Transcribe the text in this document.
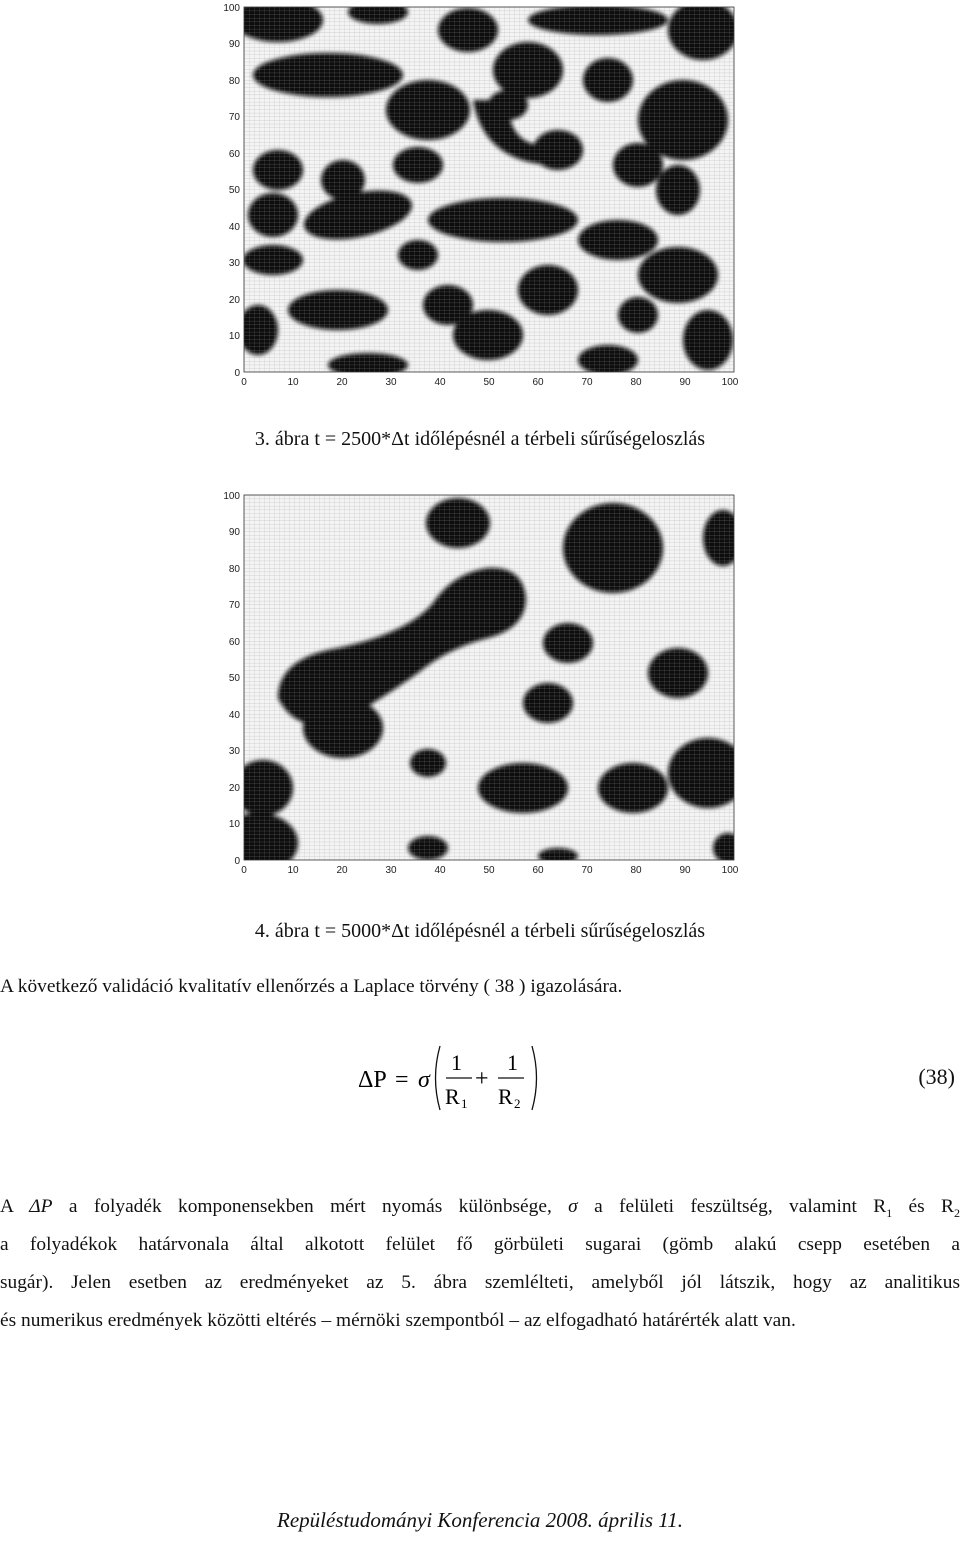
0
10
20
30
40
50
60
70
80
90
100
0	10	20	30	40	50	60	70	80	90	100
3. ábra t = 2500*Δt időlépésnél a térbeli sűrűségeloszlás
0
10
20
30
40
50
60
70
80
90
100
0	10	20	30	40	50	60	70	80	90	100
4. ábra t = 5000*Δt időlépésnél a térbeli sűrűségeloszlás
A következő validáció kvalitatív ellenőrzés a Laplace törvény ( 38 ) igazolására.
ΔP = σ
1
R 1
+
1
R 2
(38)
A ΔP a folyadék komponensekben mért nyomás különbsége, σ a felületi feszültség, valamint $R_1$ és $R_2$
a folyadékok határvonala által alkotott felület fő görbületi sugarai (gömb alakú csepp esetében a
sugár). Jelen esetben az eredményeket az 5. ábra szemlélteti, amelyből jól látszik, hogy az analitikus
és numerikus eredmények közötti eltérés – mérnöki szempontból – az elfogadható határérték alatt van.
Repüléstudományi Konferencia 2008. április 11.
